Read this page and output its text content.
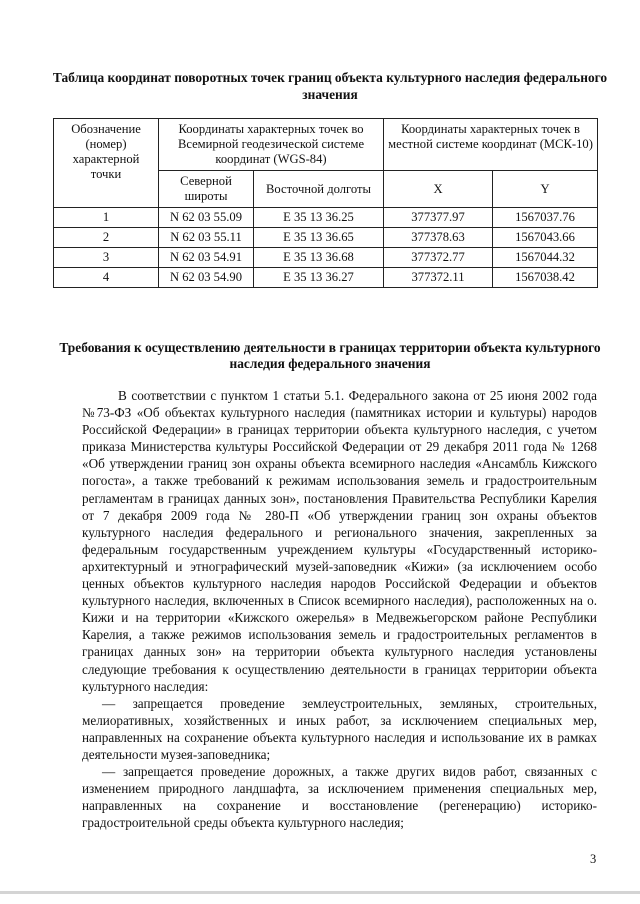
Таблица координат поворотных точек границ объекта культурного наследия федерального значения
Обозначение (номер) характерной точки	Координаты характерных точек во Всемирной геодезической системе координат (WGS-84)		Координаты характерных точек в местной системе координат (МСК-10)	
	Северной широты	Восточной долготы	X	Y
1	N 62 03 55.09	E 35 13 36.25	377377.97	1567037.76
2	N 62 03 55.11	E 35 13 36.65	377378.63	1567043.66
3	N 62 03 54.91	E 35 13 36.68	377372.77	1567044.32
4	N 62 03 54.90	E 35 13 36.27	377372.11	1567038.42
Требования к осуществлению деятельности в границах территории объекта культурного наследия федерального значения

В соответствии с пунктом 1 статьи 5.1. Федерального закона от 25 июня 2002 года №73-ФЗ «Об объектах культурного наследия (памятниках истории и культуры) народов Российской Федерации» в границах территории объекта культурного наследия, с учетом приказа Министерства культуры Российской Федерации от 29 декабря 2011 года № 1268 «Об утверждении границ зон охраны объекта всемирного наследия «Ансамбль Кижского погоста», а также требований к режимам использования земель и градостроительным регламентам в границах данных зон», постановления Правительства Республики Карелия от 7 декабря 2009 года № 280-П «Об утверждении границ зон охраны объектов культурного наследия федерального и регионального значения, закрепленных за федеральным государственным учреждением культуры «Государственный историко-архитектурный и этнографический музей-заповедник «Кижи» (за исключением особо ценных объектов культурного наследия народов Российской Федерации и объектов культурного наследия, включенных в Список всемирного наследия), расположенных на о. Кижи и на территории «Кижского ожерелья» в Медвежьегорском районе Республики Карелия, а также режимов использования земель и градостроительных регламентов в границах данных зон» на территории объекта культурного наследия установлены следующие требования к осуществлению деятельности в границах территории объекта культурного наследия:

— запрещается проведение землеустроительных, земляных, строительных, мелиоративных, хозяйственных и иных работ, за исключением специальных мер, направленных на сохранение объекта культурного наследия и использование их в рамках деятельности музея-заповедника;

— запрещается проведение дорожных, а также других видов работ, связанных с изменением природного ландшафта, за исключением применения специальных мер, направленных на сохранение и восстановление (регенерацию) историко-градостроительной среды объекта культурного наследия;

3
